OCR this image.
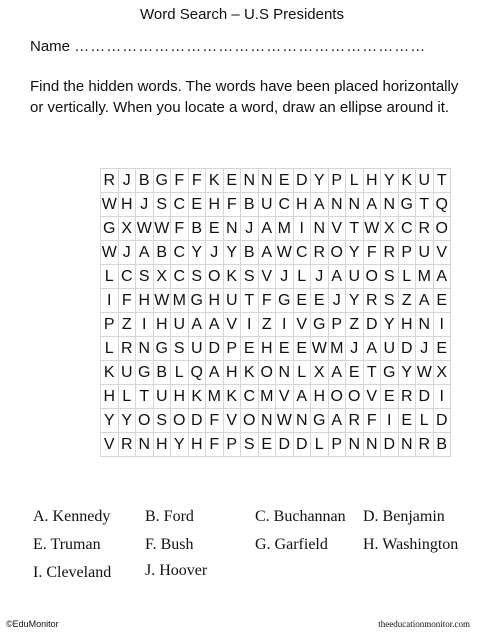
Word Search – U.S Presidents
Name …………………………………………………………
Find the hidden words. The words have been placed horizontally or vertically. When you locate a word, draw an ellipse around it.
R	J	B	G	F	F	K	E	N	N	E	D	Y	P	L	H	Y	K	U	T
W	H	J	S	C	E	H	F	B	U	C	H	A	N	N	A	N	G	T	Q
G	X	W	W	F	B	E	N	J	A	M	I	N	V	T	W	X	C	R	O
W	J	A	B	C	Y	J	Y	B	A	W	C	R	O	Y	F	R	P	U	V
L	C	S	X	C	S	O	K	S	V	J	L	J	A	U	O	S	L	M	A
I	F	H	W	M	G	H	U	T	F	G	E	E	J	Y	R	S	Z	A	E
P	Z	I	H	U	A	A	V	I	Z	I	V	G	P	Z	D	Y	H	N	I
L	R	N	G	S	U	D	P	E	H	E	E	W	M	J	A	U	D	J	E
K	U	G	B	L	Q	A	H	K	O	N	L	X	A	E	T	G	Y	W	X
H	L	T	U	H	K	M	K	C	M	V	A	H	O	O	V	E	R	D	I
Y	Y	O	S	O	D	F	V	O	N	W	N	G	A	R	F	I	E	L	D
V	R	N	H	Y	H	F	P	S	E	D	D	L	P	N	N	D	N	R	B
A. Kennedy B. Ford	C. Buchannan D. Benjamin
E. Truman	F. Bush	G. Garfield H. Washington
I. Cleveland J. Hoover
©EduMonitor	theeducationmonitor.com
